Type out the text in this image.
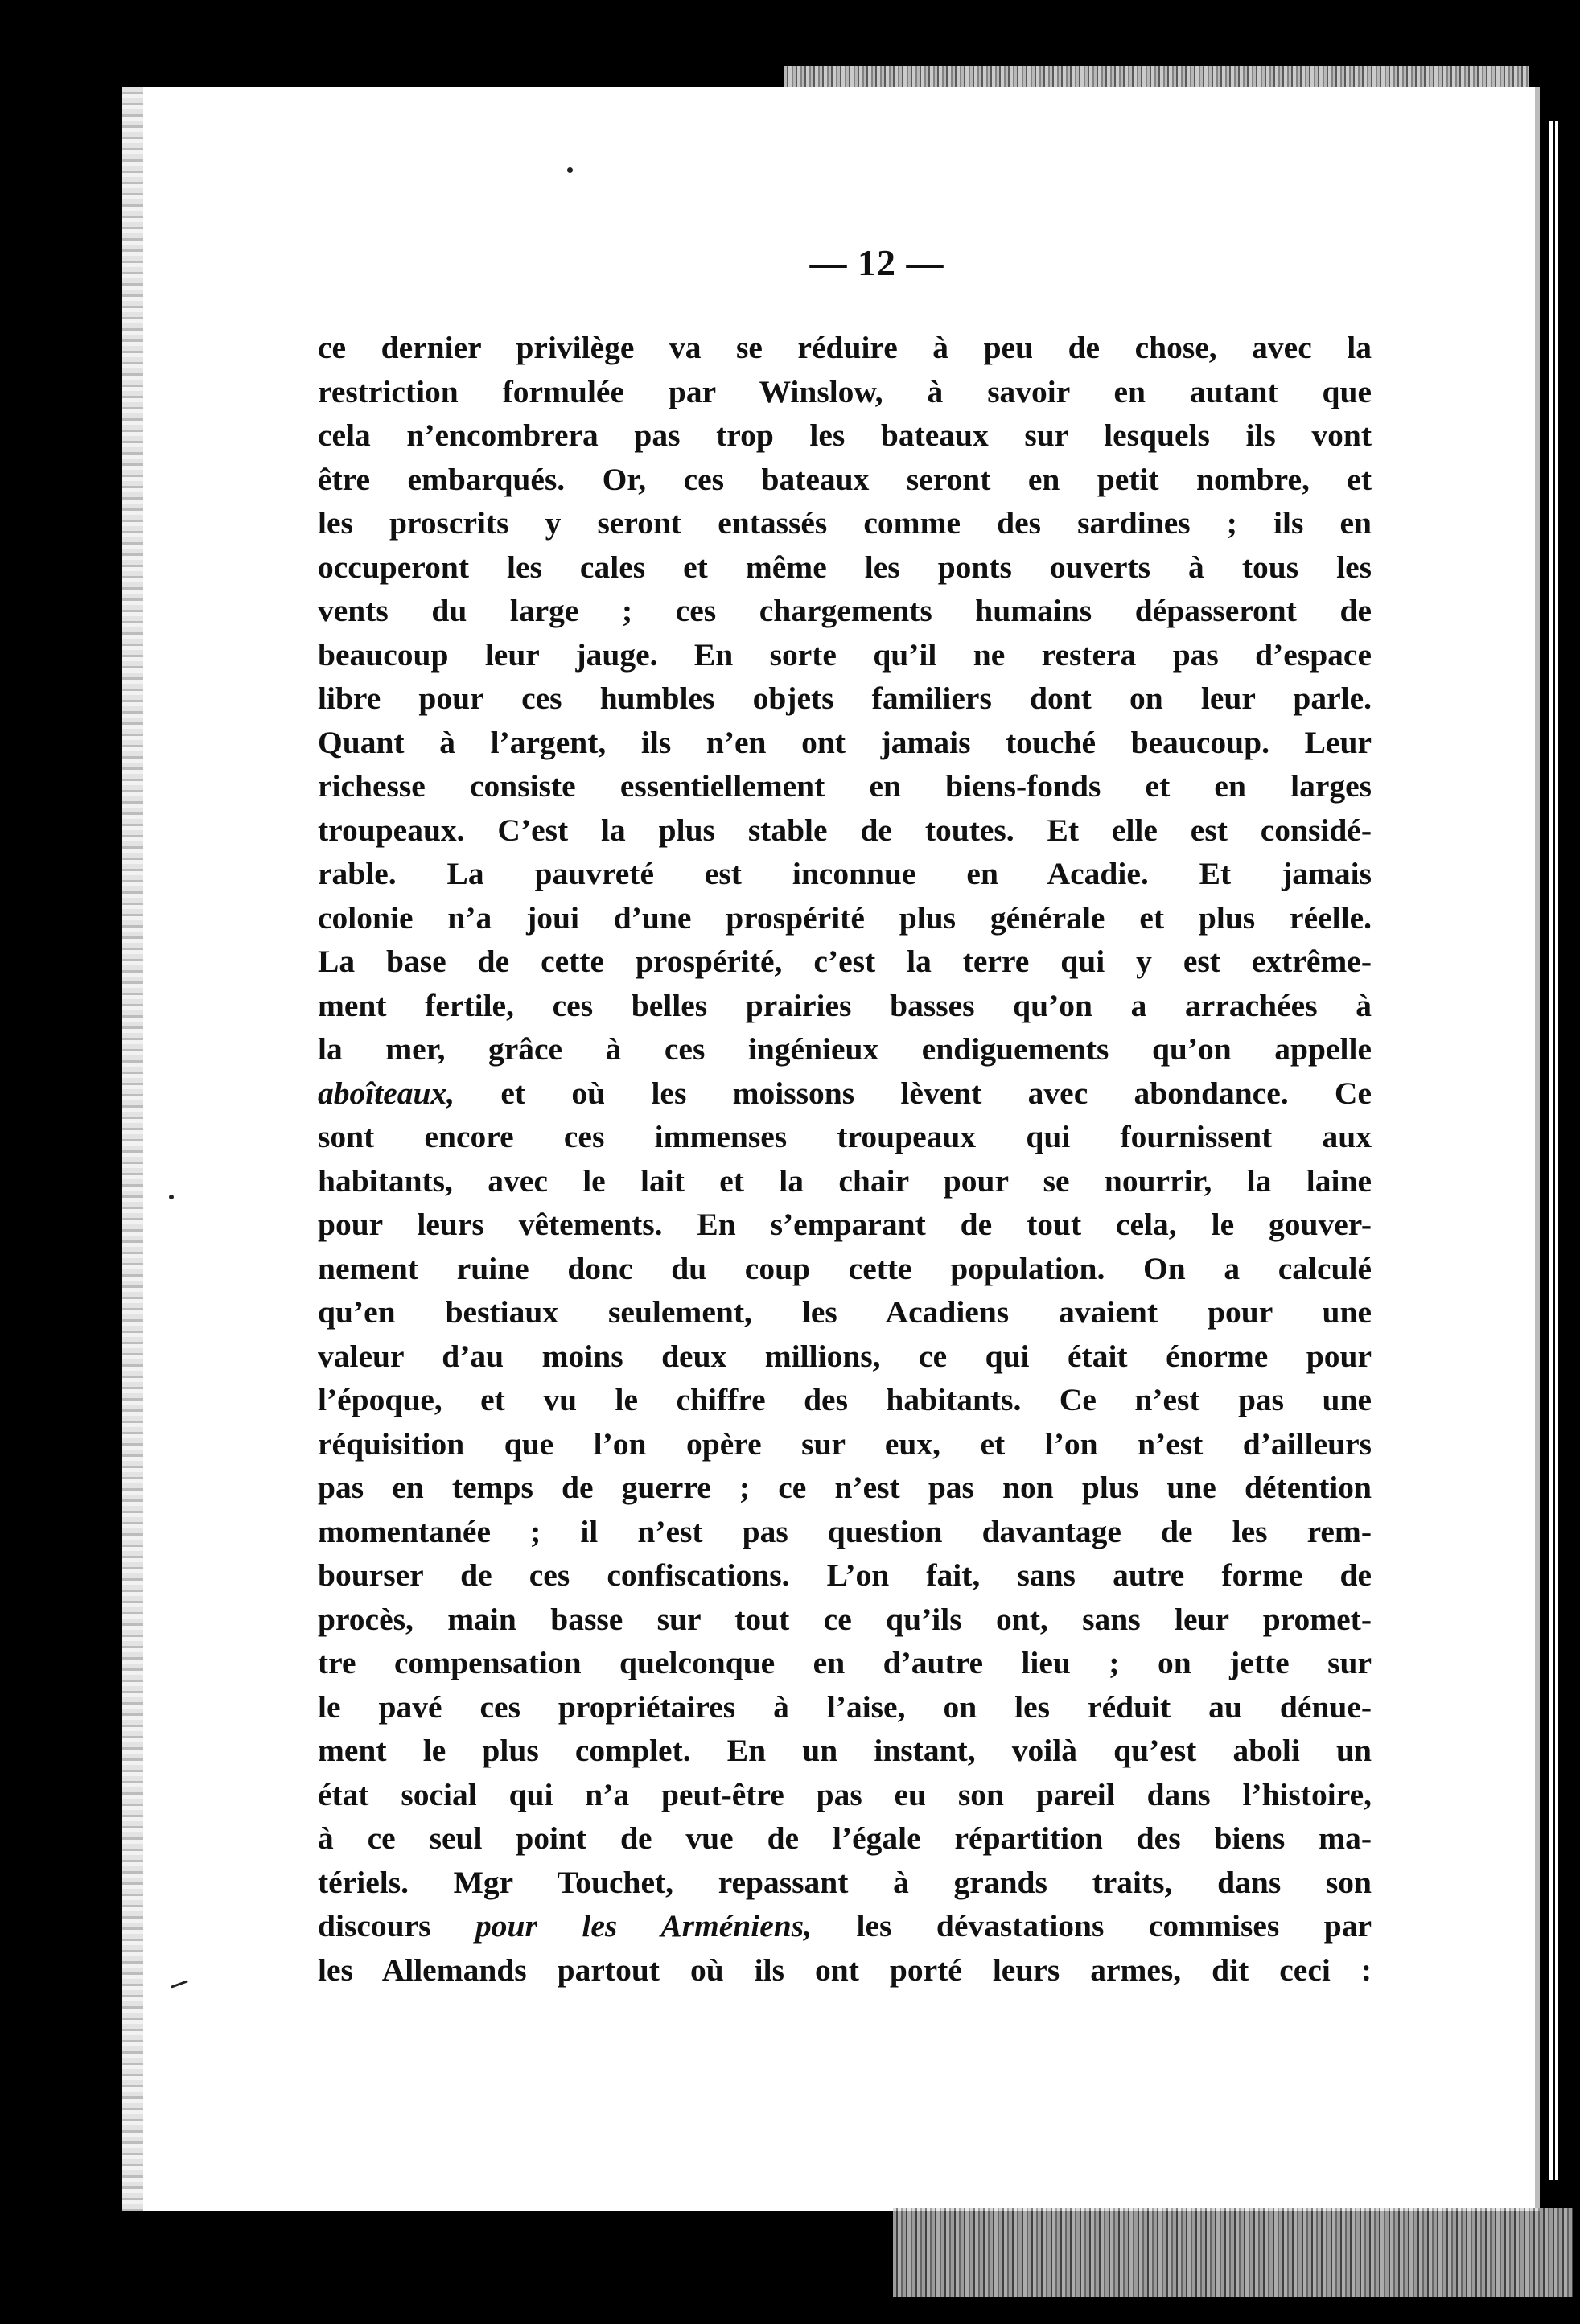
— 12 —
ce dernier privilège va se réduire à peu de chose, avec la
restriction formulée par Winslow, à savoir en autant que
cela n’encombrera pas trop les bateaux sur lesquels ils vont
être embarqués. Or, ces bateaux seront en petit nombre, et
les proscrits y seront entassés comme des sardines ; ils en
occuperont les cales et même les ponts ouverts à tous les
vents du large ; ces chargements humains dépasseront de
beaucoup leur jauge. En sorte qu’il ne restera pas d’espace
libre pour ces humbles objets familiers dont on leur parle.
Quant à l’argent, ils n’en ont jamais touché beaucoup. Leur
richesse consiste essentiellement en biens-fonds et en larges
troupeaux. C’est la plus stable de toutes. Et elle est considé-
rable. La pauvreté est inconnue en Acadie. Et jamais
colonie n’a joui d’une prospérité plus générale et plus réelle.
La base de cette prospérité, c’est la terre qui y est extrême-
ment fertile, ces belles prairies basses qu’on a arrachées à
la mer, grâce à ces ingénieux endiguements qu’on appelle
aboîteaux, et où les moissons lèvent avec abondance. Ce
sont encore ces immenses troupeaux qui fournissent aux
habitants, avec le lait et la chair pour se nourrir, la laine
pour leurs vêtements. En s’emparant de tout cela, le gouver-
nement ruine donc du coup cette population. On a calculé
qu’en bestiaux seulement, les Acadiens avaient pour une
valeur d’au moins deux millions, ce qui était énorme pour
l’époque, et vu le chiffre des habitants. Ce n’est pas une
réquisition que l’on opère sur eux, et l’on n’est d’ailleurs
pas en temps de guerre ; ce n’est pas non plus une détention
momentanée ; il n’est pas question davantage de les rem-
bourser de ces confiscations. L’on fait, sans autre forme de
procès, main basse sur tout ce qu’ils ont, sans leur promet-
tre compensation quelconque en d’autre lieu ; on jette sur
le pavé ces propriétaires à l’aise, on les réduit au dénue-
ment le plus complet. En un instant, voilà qu’est aboli un
état social qui n’a peut-être pas eu son pareil dans l’histoire,
à ce seul point de vue de l’égale répartition des biens ma-
tériels. Mgr Touchet, repassant à grands traits, dans son
discours pour les Arméniens, les dévastations commises par
les Allemands partout où ils ont porté leurs armes, dit ceci :
